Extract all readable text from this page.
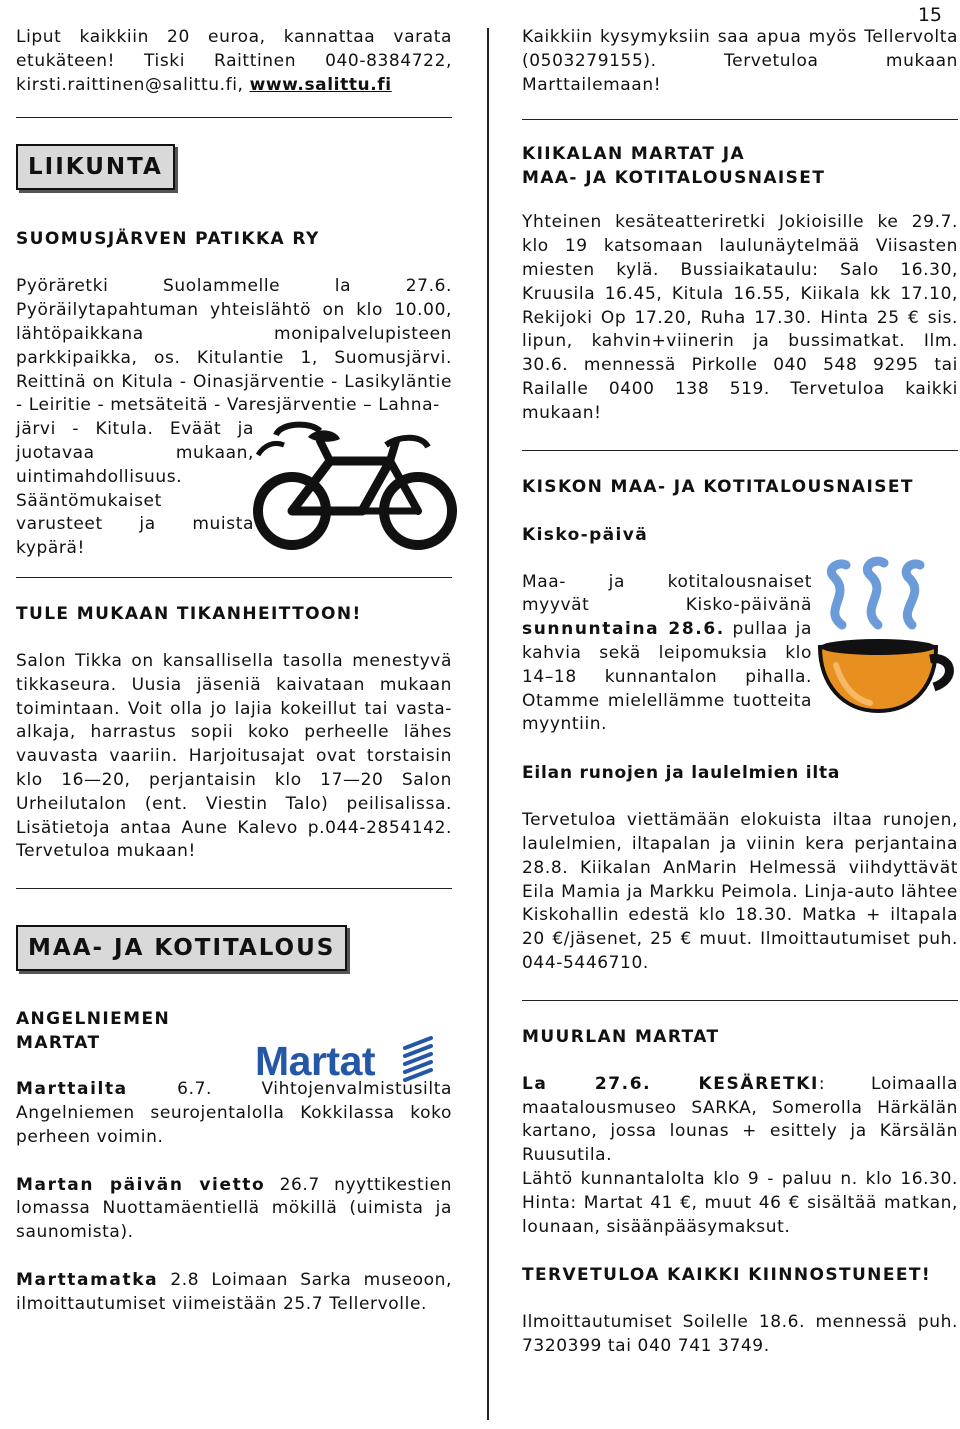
15

Liput kaikkiin 20 euroa, kannattaa varata etukäteen! Tiski Raittinen 040-8384722, kirsti.raittinen@salittu.fi, www.salittu.fi

LIIKUNTA

SUOMUSJÄRVEN PATIKKA RY

Pyöräretki Suolammelle la 27.6. Pyöräilytapahtuman yhteislähtö on klo 10.00, lähtöpaikkana monipalvelupisteen parkkipaikka, os. Kitulantie 1, Suomusjärvi. Reittinä on Kitula - Oinasjärventie - Lasikyläntie - Leiritie - metsäteitä - Varesjärventie – Lahna-

järvi - Kitula. Eväät ja juotavaa mukaan, uintimahdollisuus. Sääntömukaiset varusteet ja muista kypärä!

TULE MUKAAN TIKANHEITTOON!

Salon Tikka on kansallisella tasolla menestyvä tikkaseura. Uusia jäseniä kaivataan mukaan toimintaan. Voit olla jo lajia kokeillut tai vasta-alkaja, harrastus sopii koko perheelle lähes vauvasta vaariin. Harjoitusajat ovat torstaisin klo 16—20, perjantaisin klo 17—20 Salon Urheilutalon (ent. Viestin Talo) peilisalissa. Lisätietoja antaa Aune Kalevo p.044-2854142. Tervetuloa mukaan!

MAA- JA KOTITALOUS

ANGELNIEMEN

MARTAT

Marttailta 6.7. Vihtojenvalmistusilta Angelniemen seurojentalolla Kokkilassa koko perheen voimin.

Martan päivän vietto 26.7 nyyttikestien lomassa Nuottamäentiellä mökillä (uimista ja saunomista).

Marttamatka 2.8 Loimaan Sarka museoon, ilmoittautumiset viimeistään 25.7 Tellervolle.

Martat

Kaikkiin kysymyksiin saa apua myös Tellervolta (0503279155). Tervetuloa mukaan Marttailemaan!

KIIKALAN MARTAT JA

MAA- JA KOTITALOUSNAISET

Yhteinen kesäteatteriretki Jokioisille ke 29.7. klo 19 katsomaan laulunäytelmää Viisasten miesten kylä. Bussiaikataulu: Salo 16.30, Kruusila 16.45, Kitula 16.55, Kiikala kk 17.10, Rekijoki Op 17.20, Ruha 17.30. Hinta 25 € sis. lipun, kahvin+viinerin ja bussimatkat. Ilm. 30.6. mennessä Pirkolle 040 548 9295 tai Railalle 0400 138 519. Tervetuloa kaikki mukaan!

KISKON MAA- JA KOTITALOUSNAISET

Kisko-päivä

Maa- ja kotitalousnaiset myyvät Kisko-päivänä sunnuntaina 28.6. pullaa ja kahvia sekä leipomuksia klo 14–18 kunnantalon pihalla. Otamme mielellämme tuotteita myyntiin.

Eilan runojen ja laulelmien ilta

Tervetuloa viettämään elokuista iltaa runojen, laulelmien, iltapalan ja viinin kera perjantaina 28.8. Kiikalan AnMarin Helmessä viihdyttävät Eila Mamia ja Markku Peimola. Linja-auto lähtee Kiskohallin edestä klo 18.30. Matka + iltapala 20 €/jäsenet, 25 € muut. Ilmoittautumiset puh. 044-5446710.

MUURLAN MARTAT

La 27.6. KESÄRETKI: Loimaalla maatalousmuseo SARKA, Somerolla Härkälän kartano, jossa lounas + esittely ja Kärsälän Ruusutila.

Lähtö kunnantalolta klo 9 - paluu n. klo 16.30. Hinta: Martat 41 €, muut 46 € sisältää matkan, lounaan, sisäänpääsymaksut.

TERVETULOA KAIKKI KIINNOSTUNEET!

Ilmoittautumiset Soilelle 18.6. mennessä puh. 7320399 tai 040 741 3749.
